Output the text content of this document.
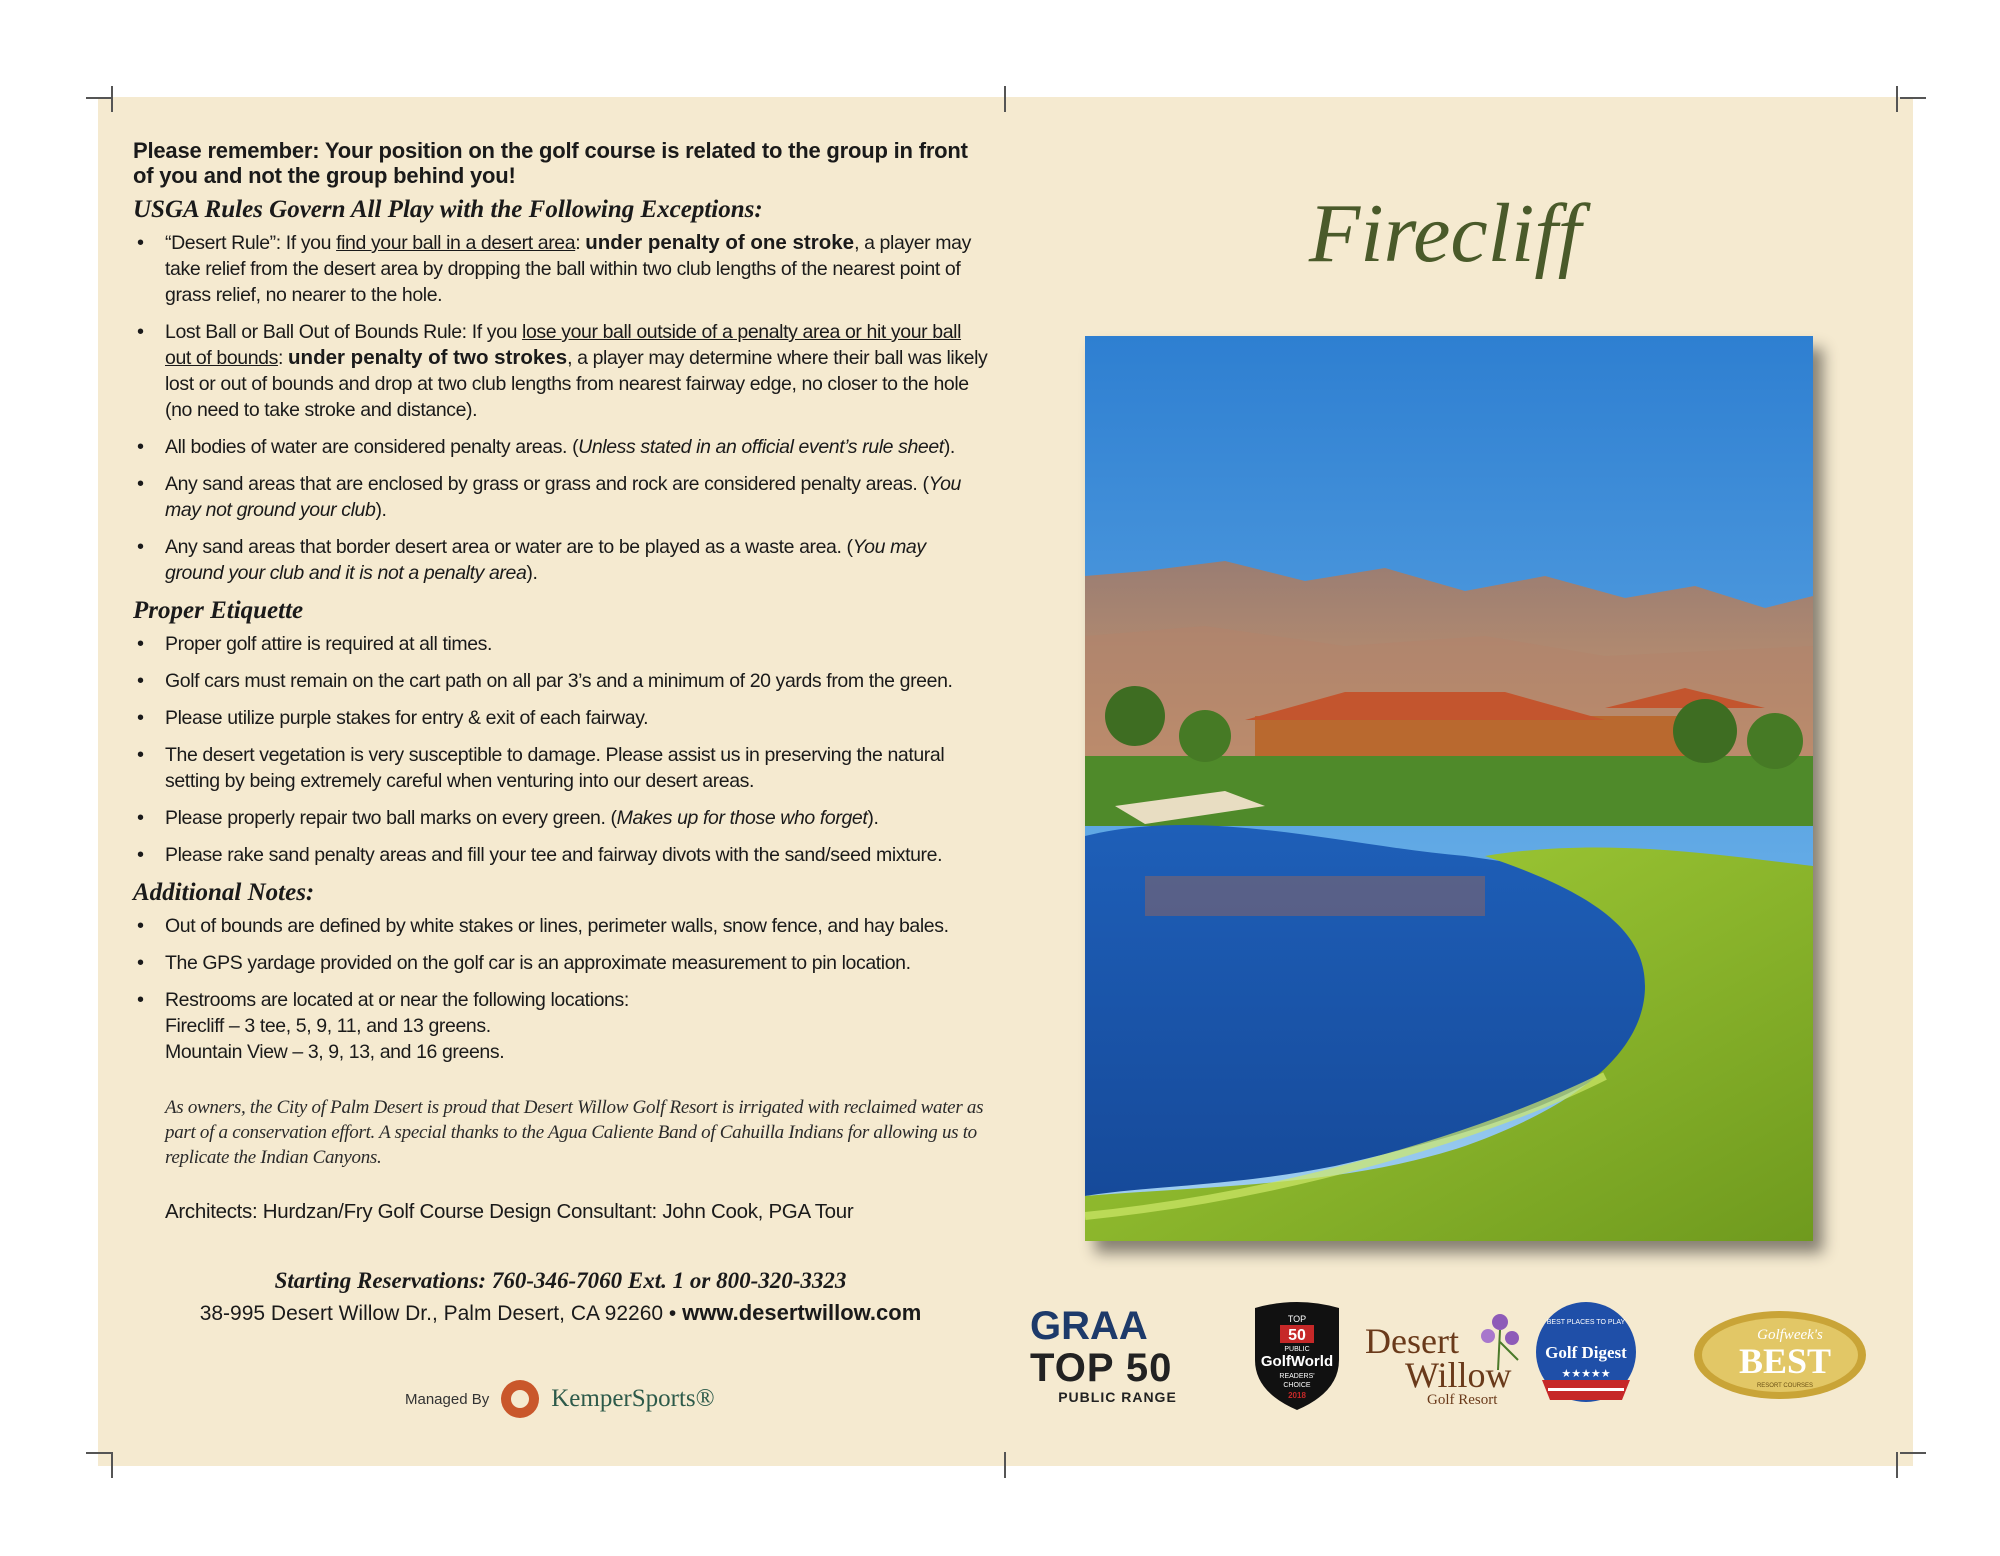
Please remember: Your position on the golf course is related to the group in front of you and not the group behind you!

USGA Rules Govern All Play with the Following Exceptions:
• “Desert Rule”: If you find your ball in a desert area: under penalty of one stroke, a player may take relief from the desert area by dropping the ball within two club lengths of the nearest point of grass relief, no nearer to the hole.
• Lost Ball or Ball Out of Bounds Rule: If you lose your ball outside of a penalty area or hit your ball out of bounds: under penalty of two strokes, a player may determine where their ball was likely lost or out of bounds and drop at two club lengths from nearest fairway edge, no closer to the hole (no need to take stroke and distance).
• All bodies of water are considered penalty areas. (Unless stated in an official event’s rule sheet).
• Any sand areas that are enclosed by grass or grass and rock are considered penalty areas. (You may not ground your club).
• Any sand areas that border desert area or water are to be played as a waste area. (You may ground your club and it is not a penalty area).
Proper Etiquette
• Proper golf attire is required at all times.
• Golf cars must remain on the cart path on all par 3’s and a minimum of 20 yards from the green.
• Please utilize purple stakes for entry & exit of each fairway.
• The desert vegetation is very susceptible to damage. Please assist us in preserving the natural setting by being extremely careful when venturing into our desert areas.
• Please properly repair two ball marks on every green. (Makes up for those who forget).
• Please rake sand penalty areas and fill your tee and fairway divots with the sand/seed mixture.
Additional Notes:
• Out of bounds are defined by white stakes or lines, perimeter walls, snow fence, and hay bales.
• The GPS yardage provided on the golf car is an approximate measurement to pin location.
• Restrooms are located at or near the following locations:
Firecliff – 3 tee, 5, 9, 11, and 13 greens.
Mountain View – 3, 9, 13, and 16 greens.

As owners, the City of Palm Desert is proud that Desert Willow Golf Resort is irrigated with reclaimed water as part of a conservation effort. A special thanks to the Agua Caliente Band of Cahuilla Indians for allowing us to replicate the Indian Canyons.

Architects: Hurdzan/Fry Golf Course Design Consultant: John Cook, PGA Tour
Starting Reservations: 760-346-7060 Ext. 1 or 800-320-3323
38-995 Desert Willow Dr., Palm Desert, CA 92260 • www.desertwillow.com
Managed By KemperSports®
Firecliff
GRAA
TOP 50
PUBLIC RANGE
TOP
50
PUBLIC
GolfWorld
READERS'
CHOICE
2018
Desert
Willow
Golf Resort
BEST PLACES TO PLAY
Golf Digest
★★★★★
Golfweek's
BEST
RESORT COURSES
